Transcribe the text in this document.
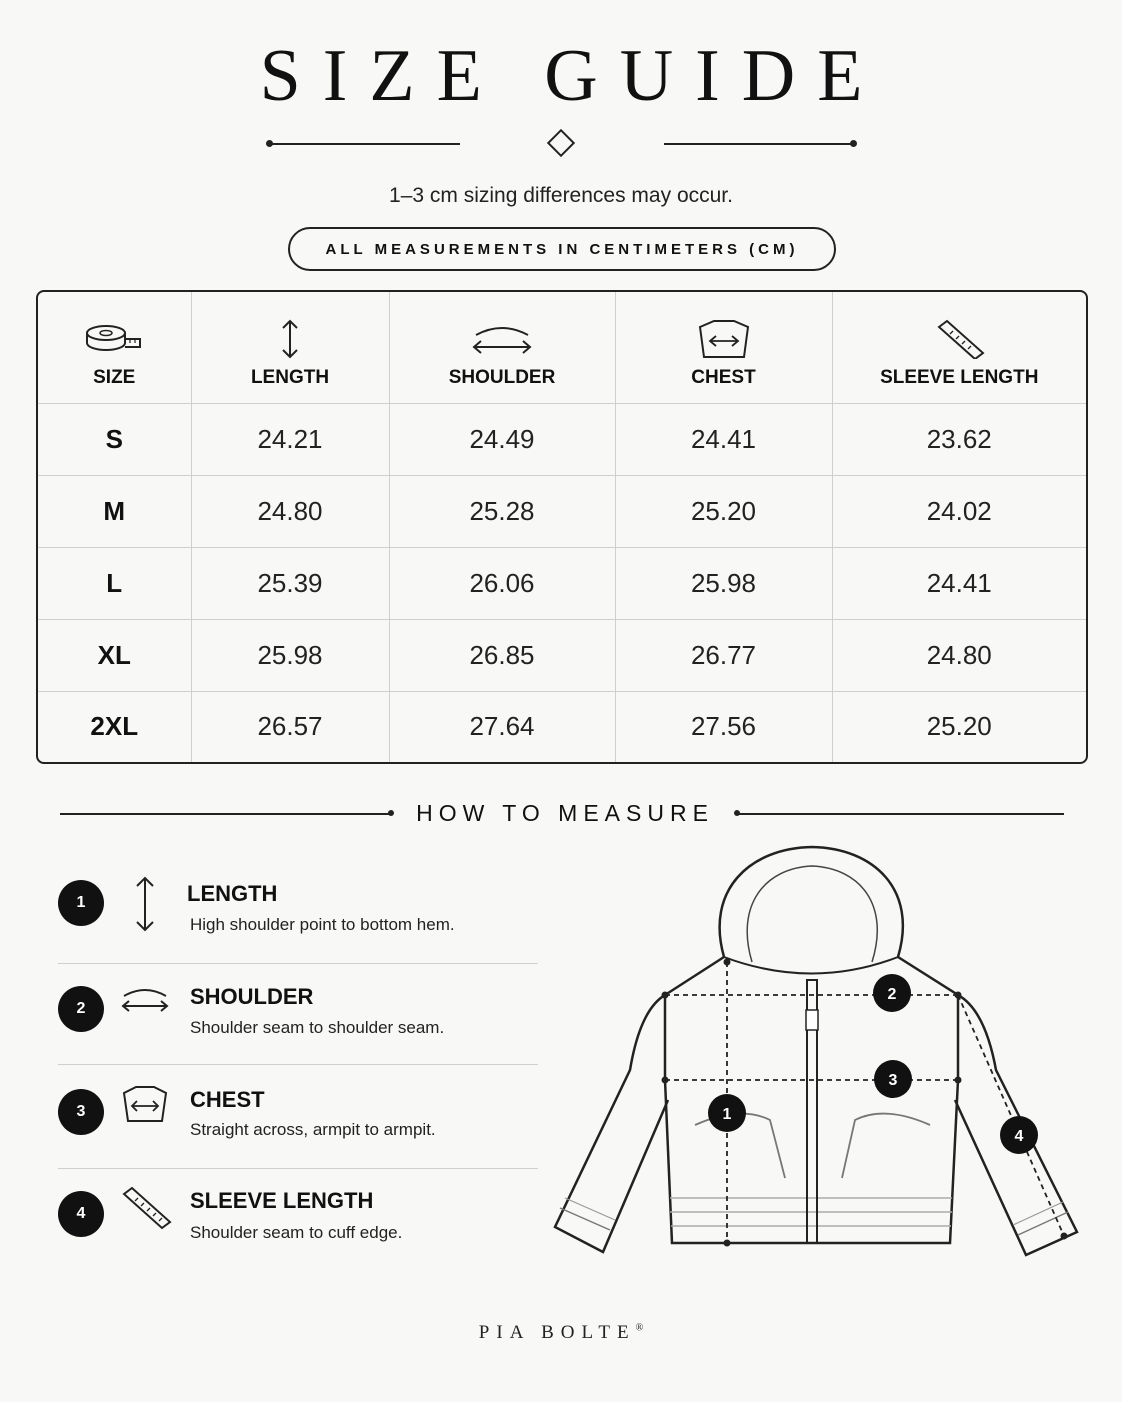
SIZE GUIDE
1–3 cm sizing differences may occur.
ALL MEASUREMENTS IN CENTIMETERS (CM)
SIZE	LENGTH	SHOULDER	CHEST	SLEEVE LENGTH
S	24.21	24.49	24.41	23.62
M	24.80	25.28	25.20	24.02
L	25.39	26.06	25.98	24.41
XL	25.98	26.85	26.77	24.80
2XL	26.57	27.64	27.56	25.20
HOW TO MEASURE
1	LENGTH
High shoulder point to bottom hem.
2	SHOULDER
Shoulder seam to shoulder seam.
3	CHEST
Straight across, armpit to armpit.
4
SLEEVE LENGTH
Shoulder seam to cuff edge.
1
2
3
4
PIA BOLTE®
